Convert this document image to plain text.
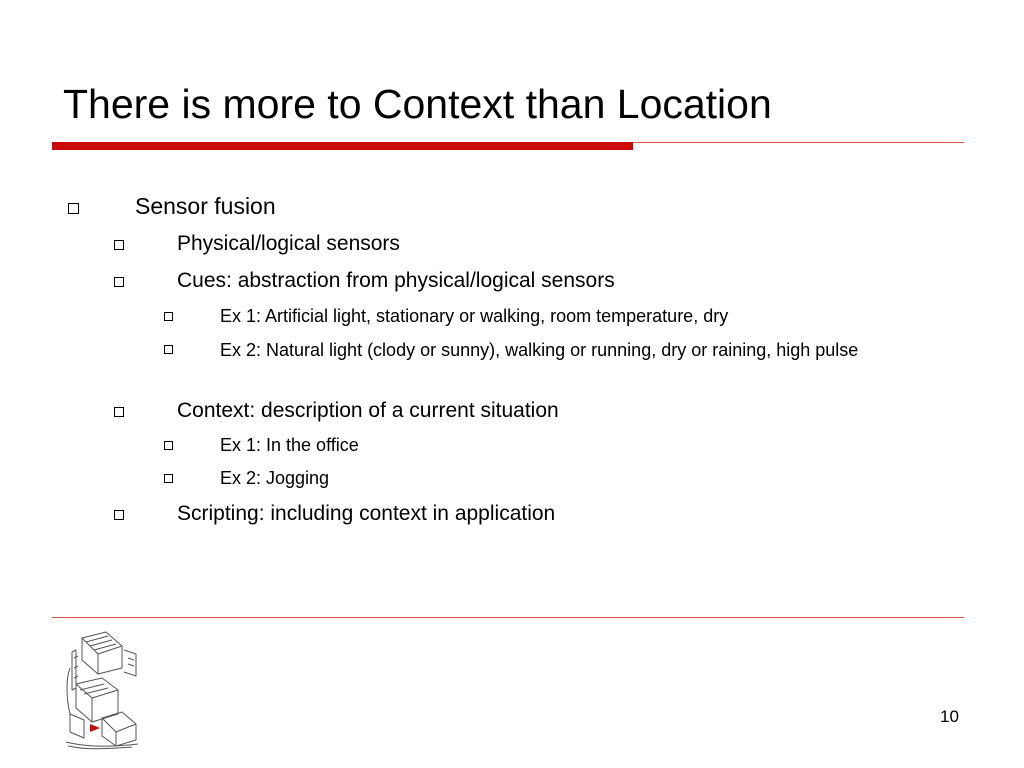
There is more to Context than Location
Sensor fusion
Physical/logical sensors
Cues: abstraction from physical/logical sensors
Ex 1: Artificial light, stationary or walking, room temperature, dry
Ex 2: Natural light (clody or sunny), walking or running, dry or raining, high pulse
Context: description of a current situation
Ex 1: In the office
Ex 2: Jogging
Scripting: including context in application
10
